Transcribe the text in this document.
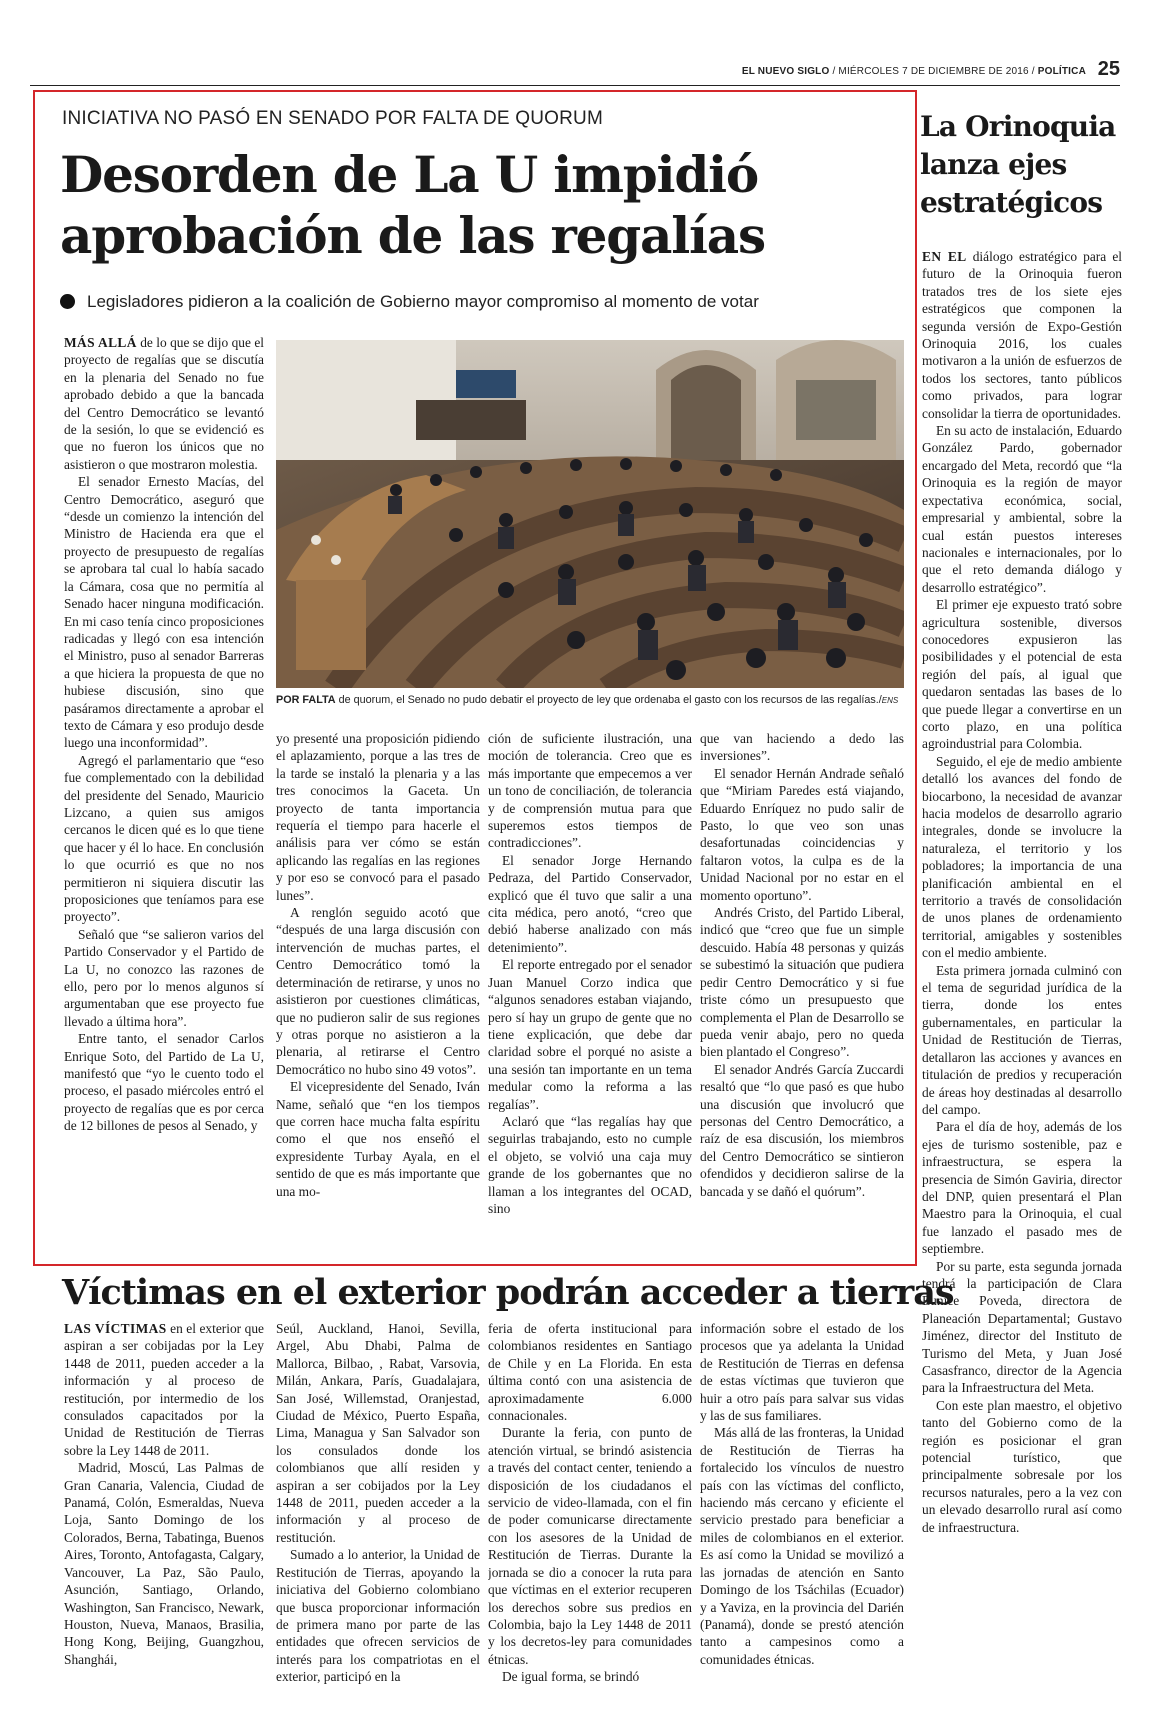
EL NUEVO SIGLO / MIÉRCOLES 7 DE DICIEMBRE DE 2016 / POLÍTICA 25
INICIATIVA NO PASÓ EN SENADO POR FALTA DE QUORUM
Desorden de La U impidió aprobación de las regalías
Legisladores pidieron a la coalición de Gobierno mayor compromiso al momento de votar

MÁS ALLÁ de lo que se dijo que el proyecto de regalías que se discutía en la plenaria del Senado no fue aprobado debido a que la bancada del Centro Democrático se levantó de la sesión, lo que se evidenció es que no fueron los únicos que no asistieron o que mostraron molestia.

El senador Ernesto Macías, del Centro Democrático, aseguró que “desde un comienzo la intención del Ministro de Hacienda era que el proyecto de presupuesto de regalías se aprobara tal cual lo había sacado la Cámara, cosa que no permitía al Senado hacer ninguna modificación. En mi caso tenía cinco proposiciones radicadas y llegó con esa intención el Ministro, puso al senador Barreras a que hiciera la propuesta de que no hubiese discusión, sino que pasáramos directamente a aprobar el texto de Cámara y eso produjo desde luego una inconformidad”.

Agregó el parlamentario que “eso fue complementado con la debilidad del presidente del Senado, Mauricio Lizcano, a quien sus amigos cercanos le dicen qué es lo que tiene que hacer y él lo hace. En conclusión lo que ocurrió es que no nos permitieron ni siquiera discutir las proposiciones que teníamos para ese proyecto”.

Señaló que “se salieron varios del Partido Conservador y el Partido de La U, no conozco las razones de ello, pero por lo menos algunos sí argumentaban que ese proyecto fue llevado a última hora”.

Entre tanto, el senador Carlos Enrique Soto, del Partido de La U, manifestó que “yo le cuento todo el proceso, el pasado miércoles entró el proyecto de regalías que es por cerca de 12 billones de pesos al Senado, y

POR FALTA de quorum, el Senado no pudo debatir el proyecto de ley que ordenaba el gasto con los recursos de las regalías./ENS

yo presenté una proposición pidiendo el aplazamiento, porque a las tres de la tarde se instaló la plenaria y a las tres conocimos la Gaceta. Un proyecto de tanta importancia requería el tiempo para hacerle el análisis para ver cómo se están aplicando las regalías en las regiones y por eso se convocó para el pasado lunes”.

A renglón seguido acotó que “después de una larga discusión con intervención de muchas partes, el Centro Democrático tomó la determinación de retirarse, y unos no asistieron por cuestiones climáticas, que no pudieron salir de sus regiones y otras porque no asistieron a la plenaria, al retirarse el Centro Democrático no hubo sino 49 votos”.

El vicepresidente del Senado, Iván Name, señaló que “en los tiempos que corren hace mucha falta espíritu como el que nos enseñó el expresidente Turbay Ayala, en el sentido de que es más importante que una mo-

ción de suficiente ilustración, una moción de tolerancia. Creo que es más importante que empecemos a ver un tono de conciliación, de tolerancia y de comprensión mutua para que superemos estos tiempos de contradicciones”.

El senador Jorge Hernando Pedraza, del Partido Conservador, explicó que él tuvo que salir a una cita médica, pero anotó, “creo que debió haberse analizado con más detenimiento”.

El reporte entregado por el senador Juan Manuel Corzo indica que “algunos senadores estaban viajando, pero sí hay un grupo de gente que no tiene explicación, que debe dar claridad sobre el porqué no asiste a una sesión tan importante en un tema medular como la reforma a las regalías”.

Aclaró que “las regalías hay que seguirlas trabajando, esto no cumple el objeto, se volvió una caja muy grande de los gobernantes que no llaman a los integrantes del OCAD, sino

que van haciendo a dedo las inversiones”.

El senador Hernán Andrade señaló que “Miriam Paredes está viajando, Eduardo Enríquez no pudo salir de Pasto, lo que veo son unas desafortunadas coincidencias y faltaron votos, la culpa es de la Unidad Nacional por no estar en el momento oportuno”.

Andrés Cristo, del Partido Liberal, indicó que “creo que fue un simple descuido. Había 48 personas y quizás se subestimó la situación que pudiera pedir Centro Democrático y si fue triste cómo un presupuesto que complementa el Plan de Desarrollo se pueda venir abajo, pero no queda bien plantado el Congreso”.

El senador Andrés García Zuccardi resaltó que “lo que pasó es que hubo una discusión que involucró que personas del Centro Democrático, a raíz de esa discusión, los miembros del Centro Democrático se sintieron ofendidos y decidieron salirse de la bancada y se dañó el quórum”.

La Orinoquia lanza ejes estratégicos

EN EL diálogo estratégico para el futuro de la Orinoquia fueron tratados tres de los siete ejes estratégicos que componen la segunda versión de Expo-Gestión Orinoquia 2016, los cuales motivaron a la unión de esfuerzos de todos los sectores, tanto públicos como privados, para lograr consolidar la tierra de oportunidades.

En su acto de instalación, Eduardo González Pardo, gobernador encargado del Meta, recordó que “la Orinoquia es la región de mayor expectativa económica, social, empresarial y ambiental, sobre la cual están puestos intereses nacionales e internacionales, por lo que el reto demanda diálogo y desarrollo estratégico”.

El primer eje expuesto trató sobre agricultura sostenible, diversos conocedores expusieron las posibilidades y el potencial de esta región del país, al igual que quedaron sentadas las bases de lo que puede llegar a convertirse en un corto plazo, en una política agroindustrial para Colombia.

Seguido, el eje de medio ambiente detalló los avances del fondo de biocarbono, la necesidad de avanzar hacia modelos de desarrollo agrario integrales, donde se involucre la naturaleza, el territorio y los pobladores; la importancia de una planificación ambiental en el territorio a través de consolidación de unos planes de ordenamiento territorial, amigables y sostenibles con el medio ambiente.

Esta primera jornada culminó con el tema de seguridad jurídica de la tierra, donde los entes gubernamentales, en particular la Unidad de Restitución de Tierras, detallaron las acciones y avances en titulación de predios y recuperación de áreas hoy destinadas al desarrollo del campo.

Para el día de hoy, además de los ejes de turismo sostenible, paz e infraestructura, se espera la presencia de Simón Gaviria, director del DNP, quien presentará el Plan Maestro para la Orinoquia, el cual fue lanzado el pasado mes de septiembre.

Por su parte, esta segunda jornada tendrá la participación de Clara Eunice Poveda, directora de Planeación Departamental; Gustavo Jiménez, director del Instituto de Turismo del Meta, y Juan José Casasfranco, director de la Agencia para la Infraestructura del Meta.

Con este plan maestro, el objetivo tanto del Gobierno como de la región es posicionar el gran potencial turístico, que principalmente sobresale por los recursos naturales, pero a la vez con un elevado desarrollo rural así como de infraestructura.

Víctimas en el exterior podrán acceder a tierras

LAS VÍCTIMAS en el exterior que aspiran a ser cobijadas por la Ley 1448 de 2011, pueden acceder a la información y al proceso de restitución, por intermedio de los consulados capacitados por la Unidad de Restitución de Tierras sobre la Ley 1448 de 2011.

Madrid, Moscú, Las Palmas de Gran Canaria, Valencia, Ciudad de Panamá, Colón, Esmeraldas, Nueva Loja, Santo Domingo de los Colorados, Berna, Tabatinga, Buenos Aires, Toronto, Antofagasta, Calgary, Vancouver, La Paz, São Paulo, Asunción, Santiago, Orlando, Washington, San Francisco, Newark, Houston, Nueva, Manaos, Brasilia, Hong Kong, Beijing, Guangzhou, Shanghái,

Seúl, Auckland, Hanoi, Sevilla, Argel, Abu Dhabi, Palma de Mallorca, Bilbao, , Rabat, Varsovia, Milán, Ankara, París, Guadalajara, San José, Willemstad, Oranjestad, Ciudad de México, Puerto España, Lima, Managua y San Salvador son los consulados donde los colombianos que allí residen y aspiran a ser cobijados por la Ley 1448 de 2011, pueden acceder a la información y al proceso de restitución.

Sumado a lo anterior, la Unidad de Restitución de Tierras, apoyando la iniciativa del Gobierno colombiano que busca proporcionar información de primera mano por parte de las entidades que ofrecen servicios de interés para los compatriotas en el exterior, participó en la

feria de oferta institucional para colombianos residentes en Santiago de Chile y en La Florida. En esta última contó con una asistencia de aproximadamente 6.000 connacionales.

Durante la feria, con punto de atención virtual, se brindó asistencia a través del contact center, teniendo a disposición de los ciudadanos el servicio de video-llamada, con el fin de poder comunicarse directamente con los asesores de la Unidad de Restitución de Tierras. Durante la jornada se dio a conocer la ruta para que víctimas en el exterior recuperen los derechos sobre sus predios en Colombia, bajo la Ley 1448 de 2011 y los decretos-ley para comunidades étnicas.

De igual forma, se brindó

información sobre el estado de los procesos que ya adelanta la Unidad de Restitución de Tierras en defensa de estas víctimas que tuvieron que huir a otro país para salvar sus vidas y las de sus familiares.

Más allá de las fronteras, la Unidad de Restitución de Tierras ha fortalecido los vínculos de nuestro país con las víctimas del conflicto, haciendo más cercano y eficiente el servicio prestado para beneficiar a miles de colombianos en el exterior. Es así como la Unidad se movilizó a las jornadas de atención en Santo Domingo de los Tsáchilas (Ecuador) y a Yaviza, en la provincia del Darién (Panamá), donde se prestó atención tanto a campesinos como a comunidades étnicas.
